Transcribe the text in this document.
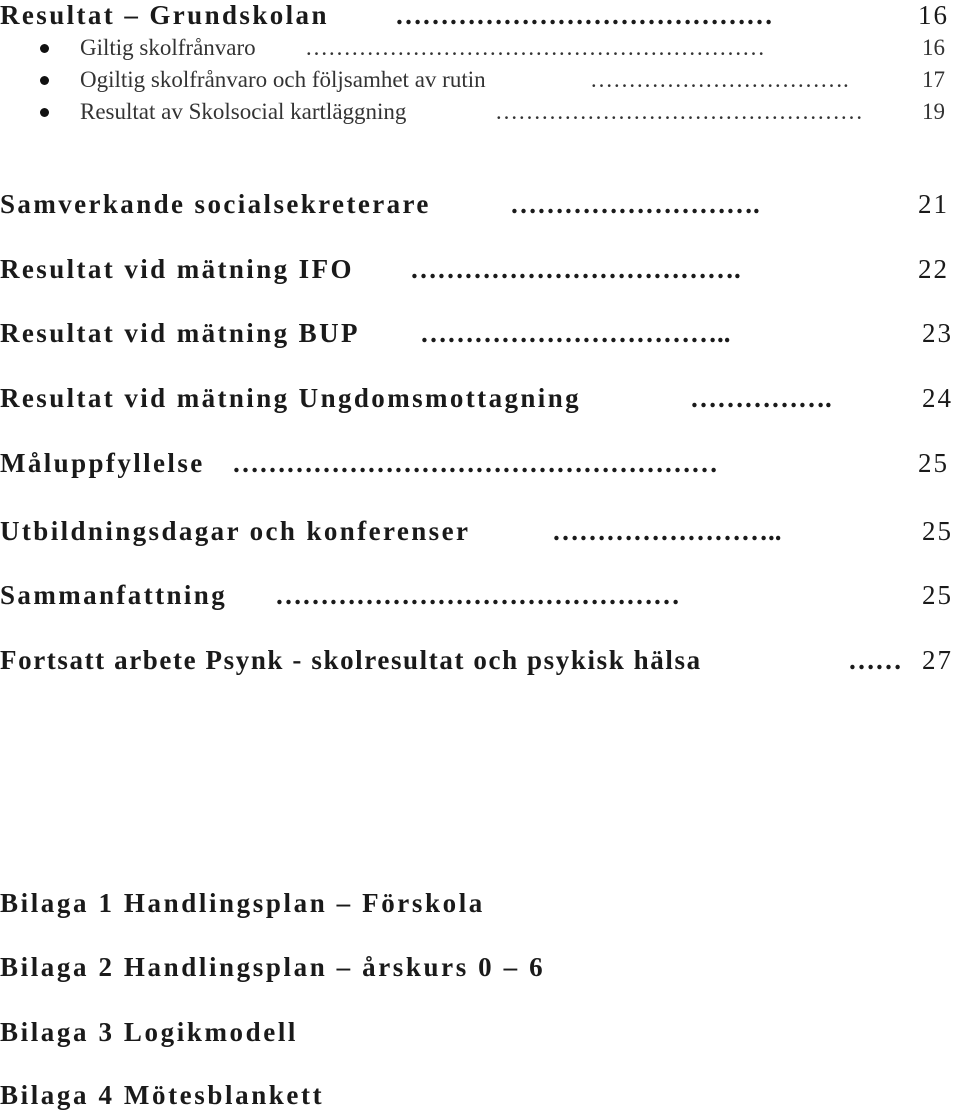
Resultat – Grundskolan ……………………………………	16
Giltig skolfrånvaro ……………………………………………………	16
Ogiltig skolfrånvaro och följsamhet av rutin	…………………………….	17
Resultat av Skolsocial kartläggning	…………………………………………	19
Samverkande socialsekreterare	……………………….	21
Resultat vid mätning IFO ……………………………….	22
Resultat vid mätning BUP ……………………………..	23
Resultat vid mätning Ungdomsmottagning	…………….	24
Måluppfyllelse ………………………………………………	25
Utbildningsdagar och konferenser	……………………..	25
Sammanfattning ………………………………………	25
Fortsatt arbete Psynk - skolresultat och psykisk hälsa	…… 27
Bilaga 1 Handlingsplan – Förskola
Bilaga 2 Handlingsplan – årskurs 0 – 6
Bilaga 3 Logikmodell
Bilaga 4 Mötesblankett
